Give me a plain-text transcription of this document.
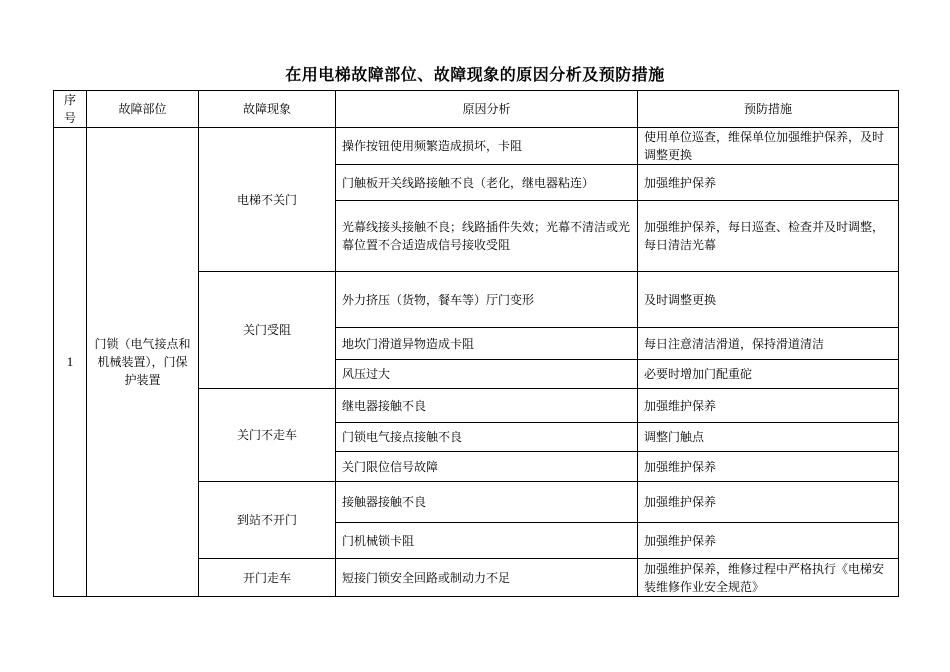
在用电梯故障部位、故障现象的原因分析及预防措施
序号	故障部位	故障现象	原因分析	预防措施
1	门锁（电气接点和机械装置），门保护装置	电梯不关门	操作按钮使用频繁造成损坏，卡阻	使用单位巡查，维保单位加强维护保养，及时调整更换
			门触板开关线路接触不良（老化，继电器粘连）	加强维护保养
			光幕线接头接触不良；线路插件失效；光幕不清洁或光幕位置不合适造成信号接收受阻	加强维护保养，每日巡查、检查并及时调整，每日清洁光幕
		关门受阻	外力挤压（货物，餐车等）厅门变形	及时调整更换
			地坎门滑道异物造成卡阻	每日注意清洁滑道，保持滑道清洁
			风压过大	必要时增加门配重砣
		关门不走车	继电器接触不良	加强维护保养
			门锁电气接点接触不良	调整门触点
			关门限位信号故障	加强维护保养
		到站不开门	接触器接触不良	加强维护保养
			门机械锁卡阻	加强维护保养
		开门走车	短接门锁安全回路或制动力不足	加强维护保养，维修过程中严格执行《电梯安装维修作业安全规范》
